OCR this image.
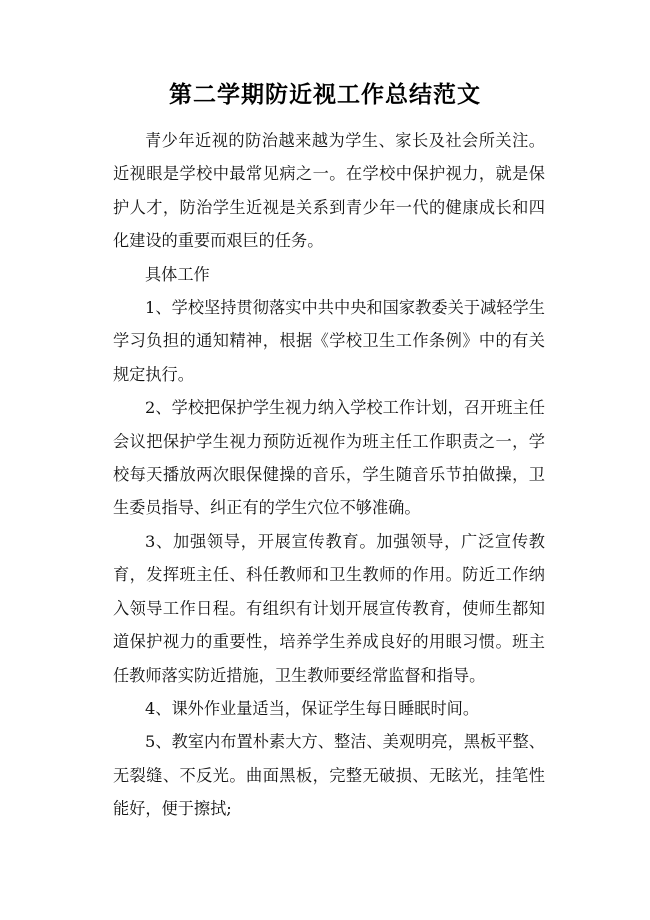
第二学期防近视工作总结范文

青少年近视的防治越来越为学生、家长及社会所关注。近视眼是学校中最常见病之一。在学校中保护视力，就是保护人才，防治学生近视是关系到青少年一代的健康成长和四化建设的重要而艰巨的任务。

具体工作

1、学校坚持贯彻落实中共中央和国家教委关于减轻学生学习负担的通知精神，根据《学校卫生工作条例》中的有关规定执行。

2、学校把保护学生视力纳入学校工作计划，召开班主任会议把保护学生视力预防近视作为班主任工作职责之一，学校每天播放两次眼保健操的音乐，学生随音乐节拍做操，卫生委员指导、纠正有的学生穴位不够准确。

3、加强领导，开展宣传教育。加强领导，广泛宣传教育，发挥班主任、科任教师和卫生教师的作用。防近工作纳入领导工作日程。有组织有计划开展宣传教育，使师生都知道保护视力的重要性，培养学生养成良好的用眼习惯。班主任教师落实防近措施，卫生教师要经常监督和指导。

4、课外作业量适当，保证学生每日睡眠时间。

5、教室内布置朴素大方、整洁、美观明亮，黑板平整、无裂缝、不反光。曲面黑板，完整无破损、无眩光，挂笔性能好，便于擦拭;
